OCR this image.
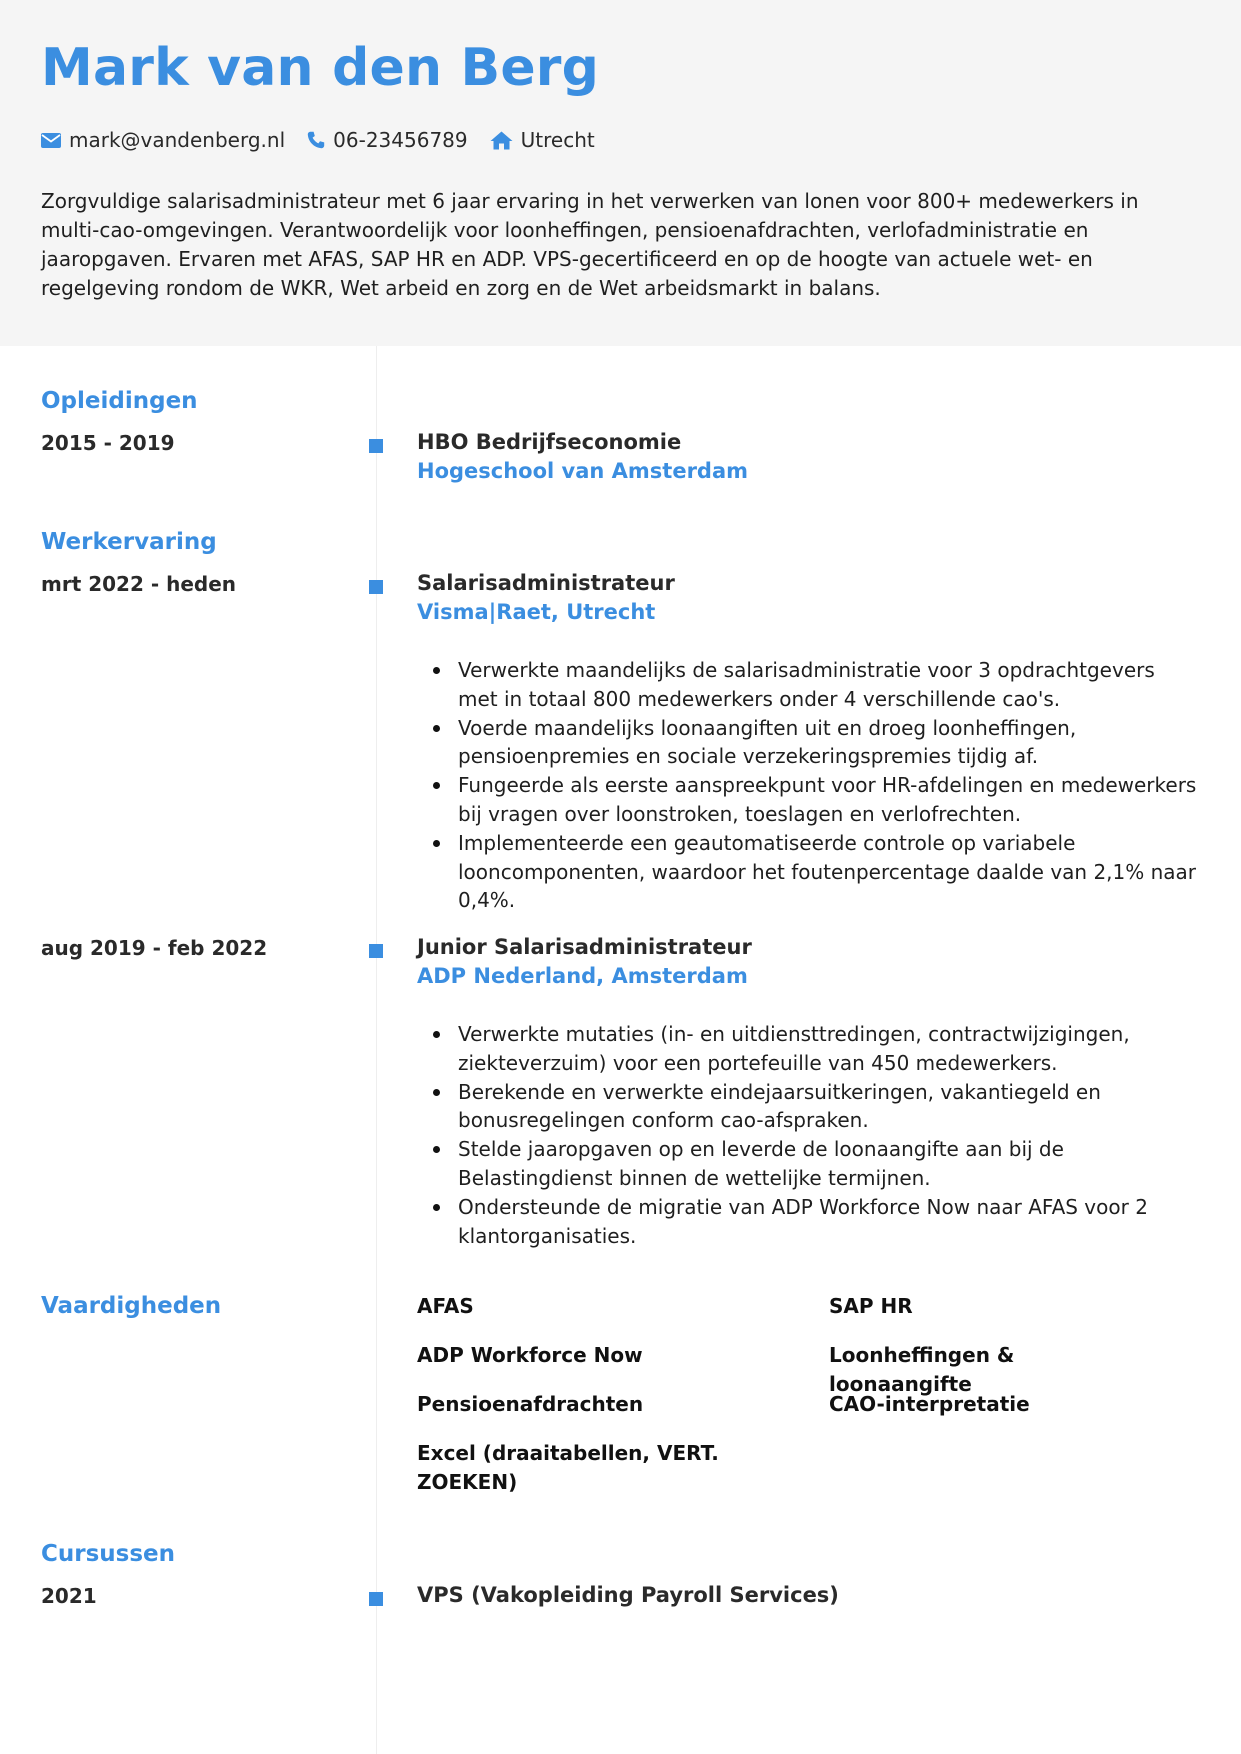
Mark van den Berg
mark@vandenberg.nl 06-23456789	Utrecht

Zorgvuldige salarisadministrateur met 6 jaar ervaring in het verwerken van lonen voor 800+ medewerkers in multi-cao-omgevingen. Verantwoordelijk voor loonheffingen, pensioenafdrachten, verlofadministratie en jaaropgaven. Ervaren met AFAS, SAP HR en ADP. VPS-gecertificeerd en op de hoogte van actuele wet- en regelgeving rondom de WKR, Wet arbeid en zorg en de Wet arbeidsmarkt in balans.

Opleidingen
2015 - 2019	HBO Bedrijfseconomie
Hogeschool van Amsterdam
Werkervaring
mrt 2022 - heden	Salarisadministrateur
Visma|Raet, Utrecht
Verwerkte maandelijks de salarisadministratie voor 3 opdrachtgevers met in totaal 800 medewerkers onder 4 verschillende cao's.
Voerde maandelijks loonaangiften uit en droeg loonheffingen, pensioenpremies en sociale verzekeringspremies tijdig af.
Fungeerde als eerste aanspreekpunt voor HR-afdelingen en medewerkers bij vragen over loonstroken, toeslagen en verlofrechten.
Implementeerde een geautomatiseerde controle op variabele looncomponenten, waardoor het foutenpercentage daalde van 2,1% naar 0,4%.
aug 2019 - feb 2022	Junior Salarisadministrateur
ADP Nederland, Amsterdam
Verwerkte mutaties (in- en uitdiensttredingen, contractwijzigingen, ziekteverzuim) voor een portefeuille van 450 medewerkers.
Berekende en verwerkte eindejaarsuitkeringen, vakantiegeld en bonusregelingen conform cao-afspraken.
Stelde jaaropgaven op en leverde de loonaangifte aan bij de Belastingdienst binnen de wettelijke termijnen.
Ondersteunde de migratie van ADP Workforce Now naar AFAS voor 2 klantorganisaties.
Vaardigheden	AFAS	SAP HR
ADP Workforce Now	Loonheffingen & loonaangifte
Pensioenafdrachten	CAO-interpretatie
Excel (draaitabellen, VERT. ZOEKEN)
Cursussen
2021	VPS (Vakopleiding Payroll Services)
